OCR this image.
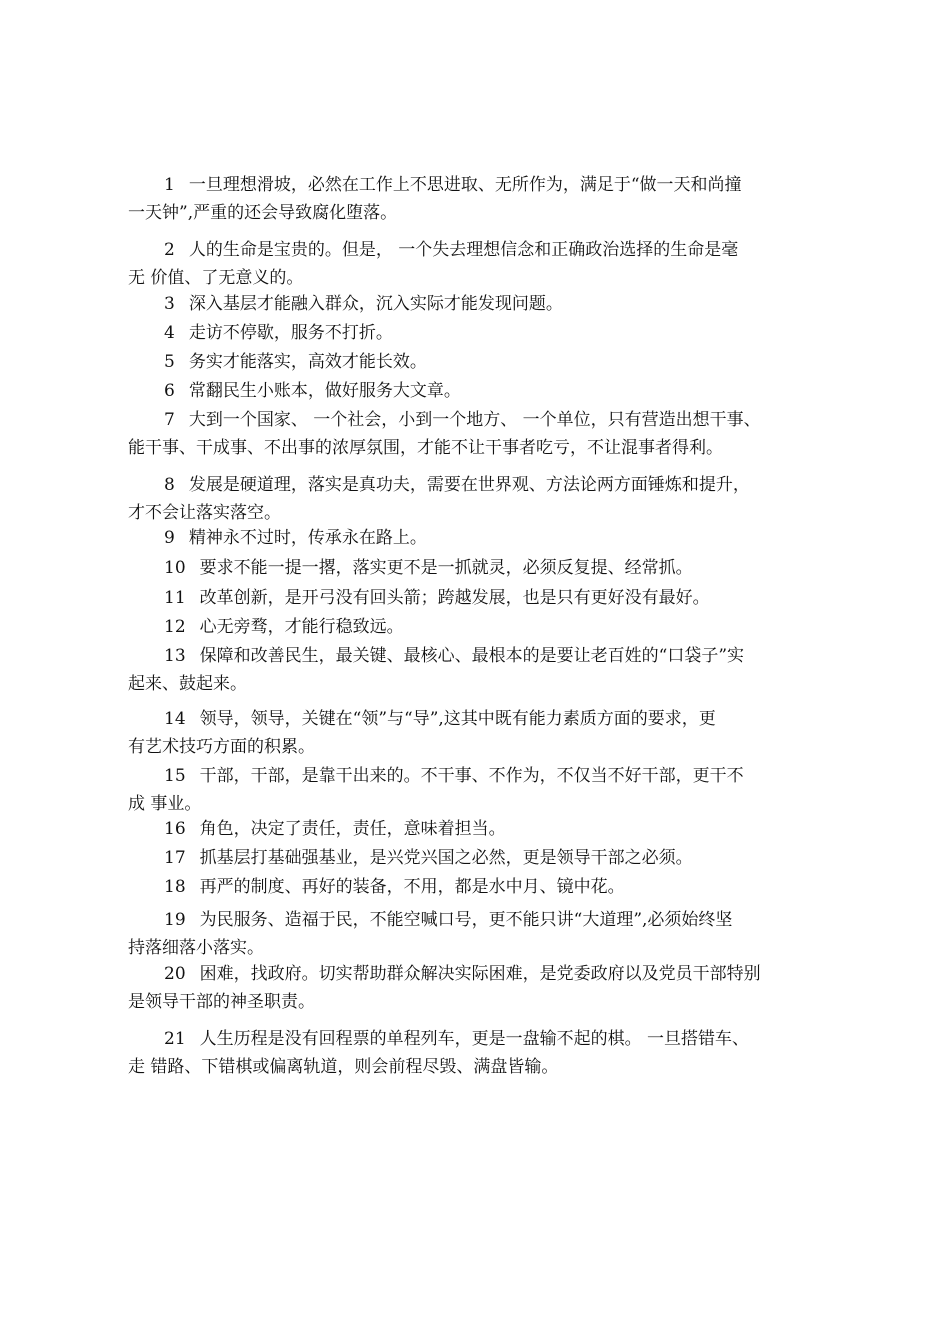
1 一旦理想滑坡，必然在工作上不思进取、无所作为，满足于“做一天和尚撞
一天钟”,严重的还会导致腐化堕落。
2 人的生命是宝贵的。但是， 一个失去理想信念和正确政治选择的生命是毫
无 价值、了无意义的。
3 深入基层才能融入群众，沉入实际才能发现问题。
4 走访不停歇，服务不打折。
5 务实才能落实，高效才能长效。
6 常翻民生小账本，做好服务大文章。
7 大到一个国家、 一个社会，小到一个地方、 一个单位，只有营造出想干事、
能干事、干成事、不出事的浓厚氛围，才能不让干事者吃亏，不让混事者得利。
8 发展是硬道理，落实是真功夫，需要在世界观、方法论两方面锤炼和提升，
才不会让落实落空。
9 精神永不过时，传承永在路上。
10 要求不能一提一撂，落实更不是一抓就灵，必须反复提、经常抓。
11 改革创新，是开弓没有回头箭；跨越发展，也是只有更好没有最好。
12 心无旁骛，才能行稳致远。
13 保障和改善民生，最关键、最核心、最根本的是要让老百姓的“口袋子”实
起来、鼓起来。
14 领导，领导，关键在“领”与“导”,这其中既有能力素质方面的要求，更
有艺术技巧方面的积累。
15 干部，干部，是靠干出来的。不干事、不作为，不仅当不好干部，更干不
成 事业。
16 角色，决定了责任，责任，意味着担当。
17 抓基层打基础强基业，是兴党兴国之必然，更是领导干部之必须。
18 再严的制度、再好的装备，不用，都是水中月、镜中花。
19 为民服务、造福于民，不能空喊口号，更不能只讲“大道理”,必须始终坚
持落细落小落实。
20 困难，找政府。切实帮助群众解决实际困难，是党委政府以及党员干部特别
是领导干部的神圣职责。
21 人生历程是没有回程票的单程列车，更是一盘输不起的棋。 一旦搭错车、
走 错路、下错棋或偏离轨道，则会前程尽毁、满盘皆输。
